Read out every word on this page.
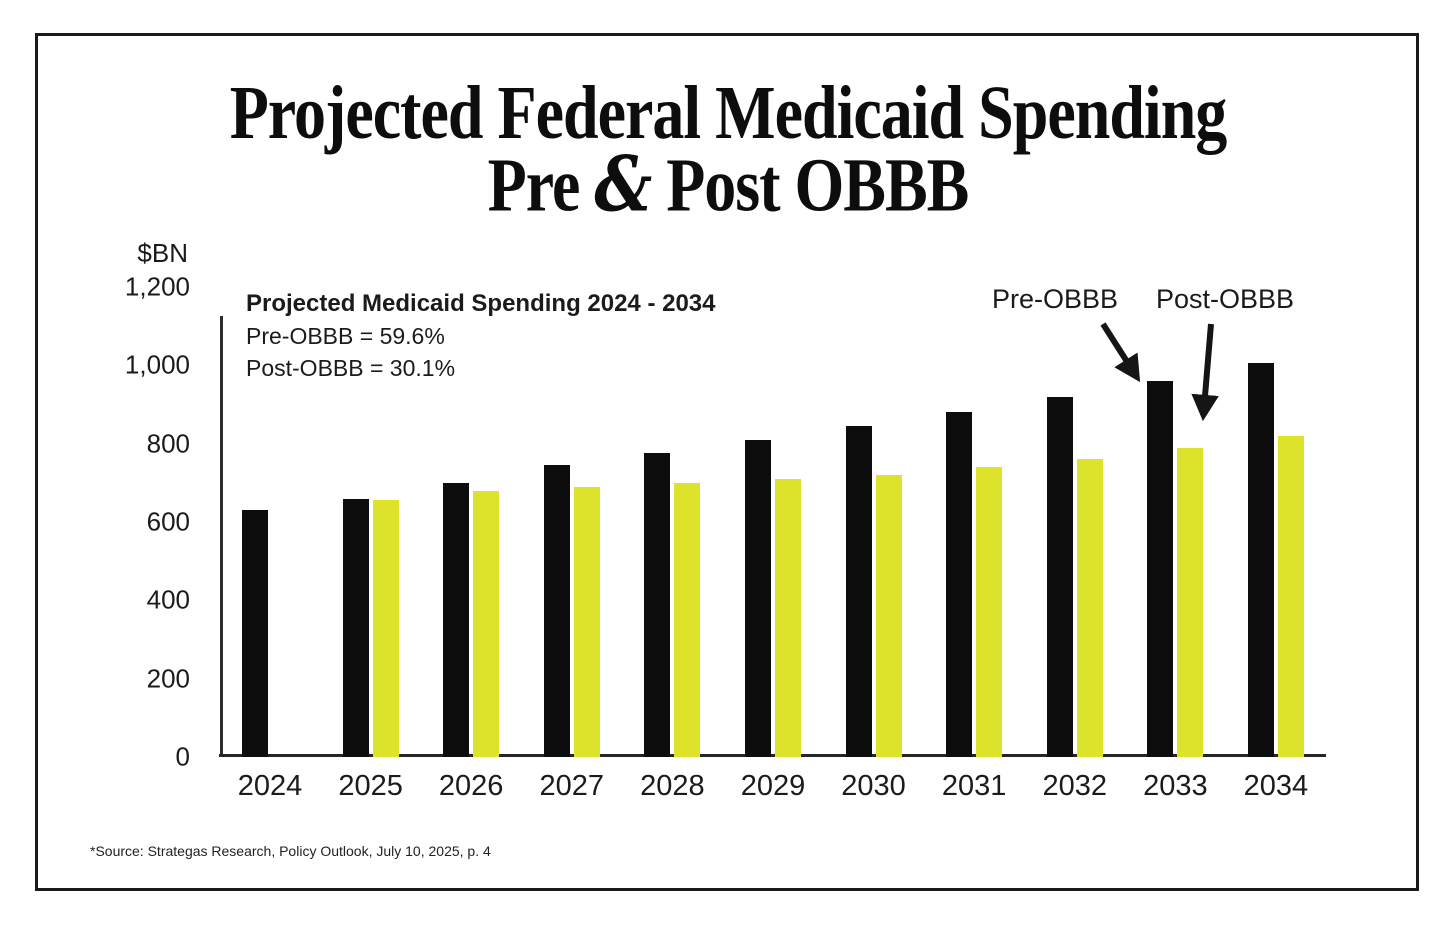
Projected Federal Medicaid Spending
Pre & Post OBBB
$BN
0
200
400
600
800
1,000
1,200
2024	2025	2026	2027	2028	2029	2030	2031	2032	2033	2034
Projected Medicaid Spending 2024 - 2034
Pre-OBBB = 59.6%
Post-OBBB = 30.1%
Pre-OBBB Post-OBBB
*Source: Strategas Research, Policy Outlook, July 10, 2025, p. 4
